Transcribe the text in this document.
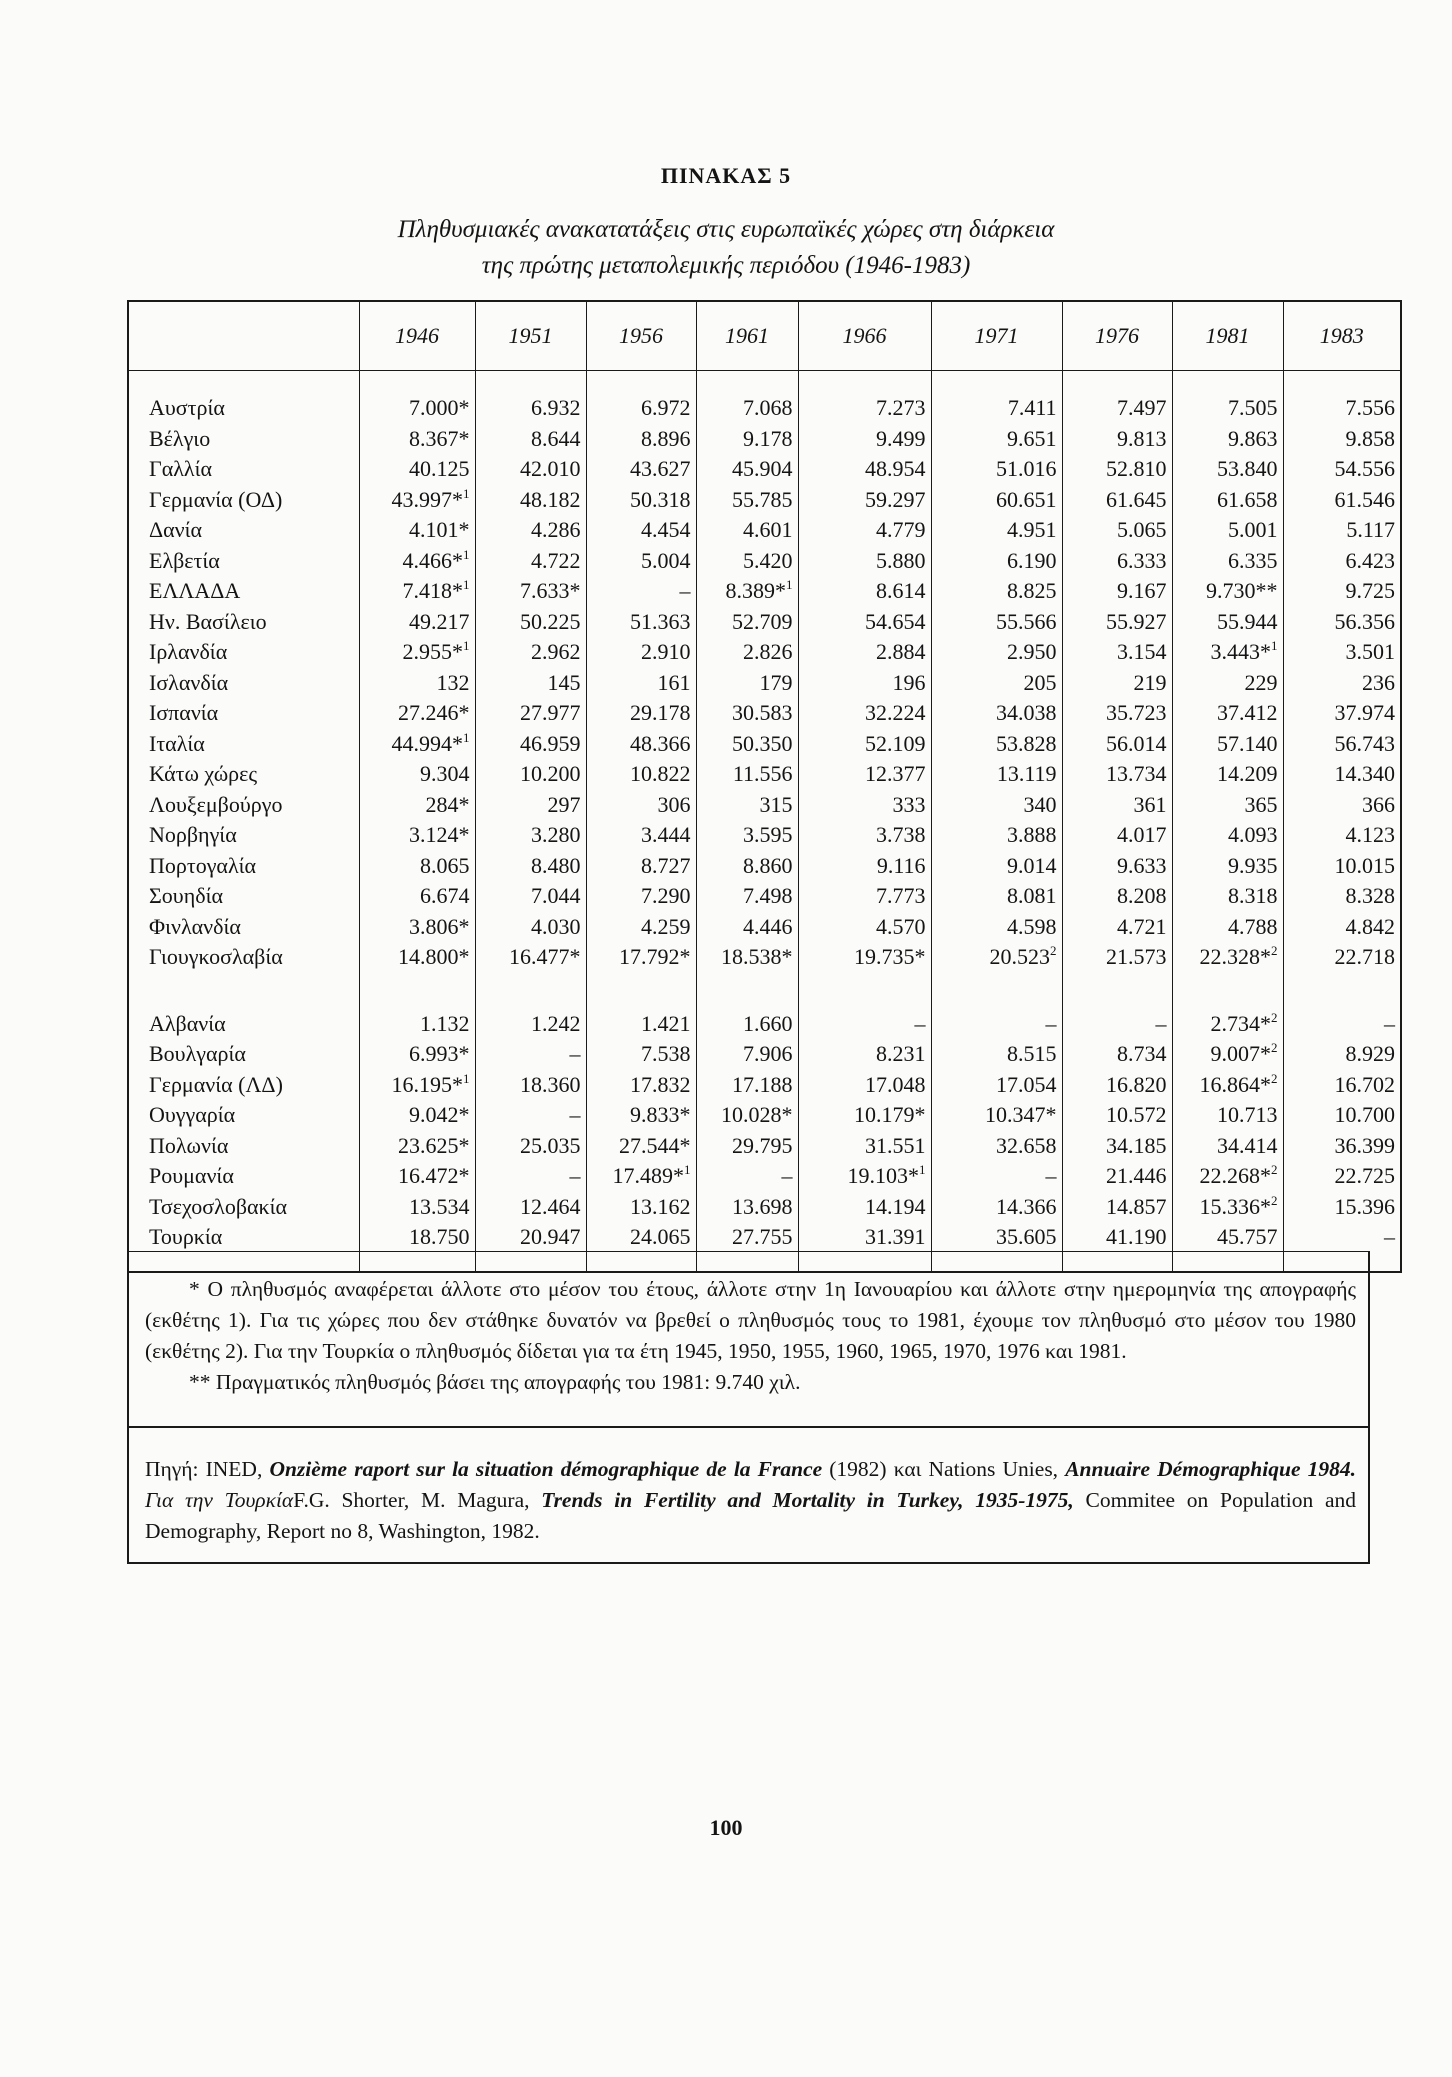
ΠΙΝΑΚΑΣ 5
Πληθυσμιακές ανακατατάξεις στις ευρωπαϊκές χώρες στη διάρκεια
της πρώτης μεταπολεμικής περιόδου (1946-1983)
	1946	1951	1956	1961	1966	1971	1976	1981	1983

Αυστρία	7.000*	6.932	6.972	7.068	7.273	7.411	7.497	7.505	7.556
Βέλγιο	8.367*	8.644	8.896	9.178	9.499	9.651	9.813	9.863	9.858
Γαλλία	40.125	42.010	43.627	45.904	48.954	51.016	52.810	53.840	54.556
Γερμανία (ΟΔ)	43.997*$^1$	48.182	50.318	55.785	59.297	60.651	61.645	61.658	61.546
Δανία	4.101*	4.286	4.454	4.601	4.779	4.951	5.065	5.001	5.117
Ελβετία	4.466*$^1$	4.722	5.004	5.420	5.880	6.190	6.333	6.335	6.423
ΕΛΛΑΔΑ	7.418*$^1$	7.633*	–	8.389*$^1$	8.614	8.825	9.167	9.730**	9.725
Ην. Βασίλειο	49.217	50.225	51.363	52.709	54.654	55.566	55.927	55.944	56.356
Ιρλανδία	2.955*$^1$	2.962	2.910	2.826	2.884	2.950	3.154	3.443*$^1$	3.501
Ισλανδία	132	145	161	179	196	205	219	229	236
Ισπανία	27.246*	27.977	29.178	30.583	32.224	34.038	35.723	37.412	37.974
Ιταλία	44.994*$^1$	46.959	48.366	50.350	52.109	53.828	56.014	57.140	56.743
Κάτω χώρες	9.304	10.200	10.822	11.556	12.377	13.119	13.734	14.209	14.340
Λουξεμβούργο	284*	297	306	315	333	340	361	365	366
Νορβηγία	3.124*	3.280	3.444	3.595	3.738	3.888	4.017	4.093	4.123
Πορτογαλία	8.065	8.480	8.727	8.860	9.116	9.014	9.633	9.935	10.015
Σουηδία	6.674	7.044	7.290	7.498	7.773	8.081	8.208	8.318	8.328
Φινλανδία	3.806*	4.030	4.259	4.446	4.570	4.598	4.721	4.788	4.842
Γιουγκοσλαβία	14.800*	16.477*	17.792*	18.538*	19.735*	20.523$^2$	21.573	22.328*$^2$	22.718

Αλβανία	1.132	1.242	1.421	1.660	–	–	–	2.734*$^2$	–
Βουλγαρία	6.993*	–	7.538	7.906	8.231	8.515	8.734	9.007*$^2$	8.929
Γερμανία (ΛΔ)	16.195*$^1$	18.360	17.832	17.188	17.048	17.054	16.820	16.864*$^2$	16.702
Ουγγαρία	9.042*	–	9.833*	10.028*	10.179*	10.347*	10.572	10.713	10.700
Πολωνία	23.625*	25.035	27.544*	29.795	31.551	32.658	34.185	34.414	36.399
Ρουμανία	16.472*	–	17.489*$^1$	–	19.103*$^1$	–	21.446	22.268*$^2$	22.725
Τσεχοσλοβακία	13.534	12.464	13.162	13.698	14.194	14.366	14.857	15.336*$^2$	15.396
Τουρκία	18.750	20.947	24.065	27.755	31.391	35.605	41.190	45.757	–

* Ο πληθυσμός αναφέρεται άλλοτε στο μέσον του έτους, άλλοτε στην 1η Ιανουαρίου και άλλοτε στην ημερομηνία της απογραφής (εκθέτης 1). Για τις χώρες που δεν στάθηκε δυνατόν να βρεθεί ο πληθυσμός τους το 1981, έχουμε τον πληθυσμό στο μέσον του 1980 (εκθέτης 2). Για την Τουρκία ο πληθυσμός δίδεται για τα έτη 1945, 1950, 1955, 1960, 1965, 1970, 1976 και 1981.

** Πραγματικός πληθυσμός βάσει της απογραφής του 1981: 9.740 χιλ.

Πηγή: INED, Onzième raport sur la situation démographique de la France (1982) και Nations Unies, Annuaire Démographique 1984. Για την ΤουρκίαF.G. Shorter, M. Magura, Trends in Fertility and Mortality in Turkey, 1935-1975, Commitee on Population and Demography, Report no 8, Washington, 1982.

100
